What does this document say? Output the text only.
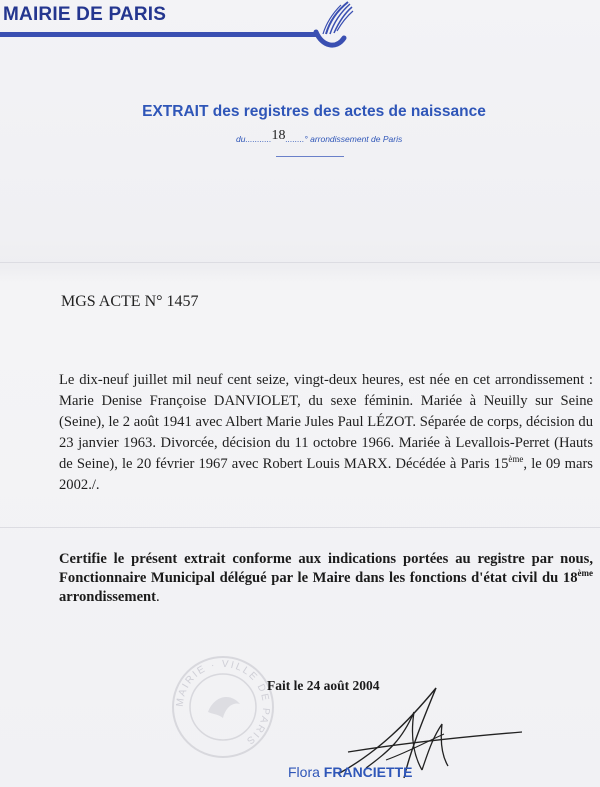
MAIRIE DE PARIS
EXTRAIT des registres des actes de naissance
du...........18........° arrondissement de Paris
MGS ACTE N° 1457

Le dix-neuf juillet mil neuf cent seize, vingt-deux heures, est née en cet arrondissement : Marie Denise Françoise DANVIOLET, du sexe féminin. Mariée à Neuilly sur Seine (Seine), le 2 août 1941 avec Albert Marie Jules Paul LÉZOT. Séparée de corps, décision du 23 janvier 1963. Divorcée, décision du 11 octobre 1966. Mariée à Levallois-Perret (Hauts de Seine), le 20 février 1967 avec Robert Louis MARX. Décédée à Paris 15ème, le 09 mars 2002./.

Certifie le présent extrait conforme aux indications portées au registre par nous, Fonctionnaire Municipal délégué par le Maire dans les fonctions d'état civil du 18ème arrondissement.
MAIRIE · VILLE DE PARIS
Fait le 24 août 2004
Flora FRANCIETTE
